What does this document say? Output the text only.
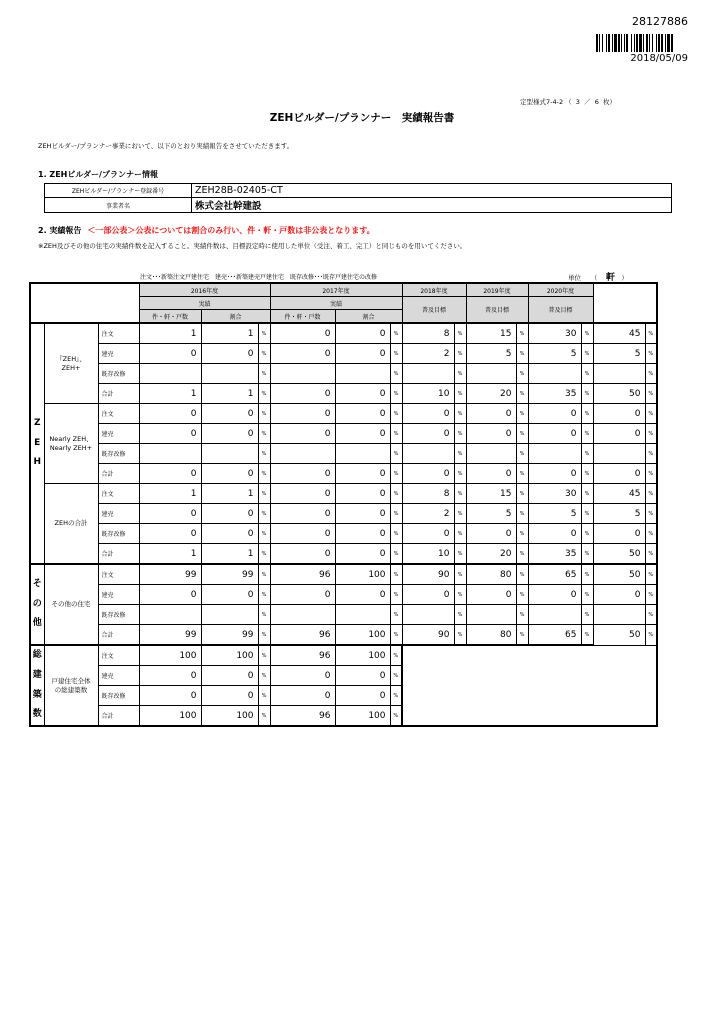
28127886
2018/05/09
定型様式7-4-2 （  3  ／  6  枚）
ZEHビルダー/プランナー　実績報告書
ZEHビルダー/プランナー事業において、以下のとおり実績報告をさせていただきます。
1. ZEHビルダー/プランナー情報
ZEHビルダー/プランナー登録番号	ZEH28B-02405-CT
事業者名	株式会社幹建設
2. 実績報告 ＜一部公表＞公表については割合のみ行い、件・軒・戸数は非公表となります。
※ZEH及びその他の住宅の実績件数を記入すること。実績件数は、目標設定時に使用した単位（受注、着工、完工）と同じものを用いてください。
注文･･･新築注文戸建住宅　建売･･･新築建売戸建住宅　既存改修･･･既存戸建住宅の改修	単位　　 （　 軒　 ）
			2016年度			2017年度			2018年度		2019年度		2020年度			
			実績			実績			普及目標		普及目標		普及目標			
			件・軒・戸数	割合		件・軒・戸数	割合									
Z
E
H	『ZEH』、
ZEH+	注文	1	1	%	0	0	%	8	%	15	%	30	%	45	%
		建売	0	0	%	0	0	%	2	%	5	%	5	%	5	%
		既存改修			%			%		%		%		%		%
		合計	1	1	%	0	0	%	10	%	20	%	35	%	50	%
	Nearly ZEH、
Nearly ZEH+	注文	0	0	%	0	0	%	0	%	0	%	0	%	0	%
		建売	0	0	%	0	0	%	0	%	0	%	0	%	0	%
		既存改修			%			%		%		%		%		%
		合計	0	0	%	0	0	%	0	%	0	%	0	%	0	%
	ZEHの合計	注文	1	1	%	0	0	%	8	%	15	%	30	%	45	%
		建売	0	0	%	0	0	%	2	%	5	%	5	%	5	%
		既存改修	0	0	%	0	0	%	0	%	0	%	0	%	0	%
		合計	1	1	%	0	0	%	10	%	20	%	35	%	50	%
そ
の
他	その他の住宅	注文	99	99	%	96	100	%	90	%	80	%	65	%	50	%
		建売	0	0	%	0	0	%	0	%	0	%	0	%	0	%
		既存改修			%			%		%		%		%		%
		合計	99	99	%	96	100	%	90	%	80	%	65	%	50	%
総
建
築
数	戸建住宅全体
の総建築数	注文	100	100	%	96	100	%								
		建売	0	0	%	0	0	%								
		既存改修	0	0	%	0	0	%								
		合計	100	100	%	96	100	%								
